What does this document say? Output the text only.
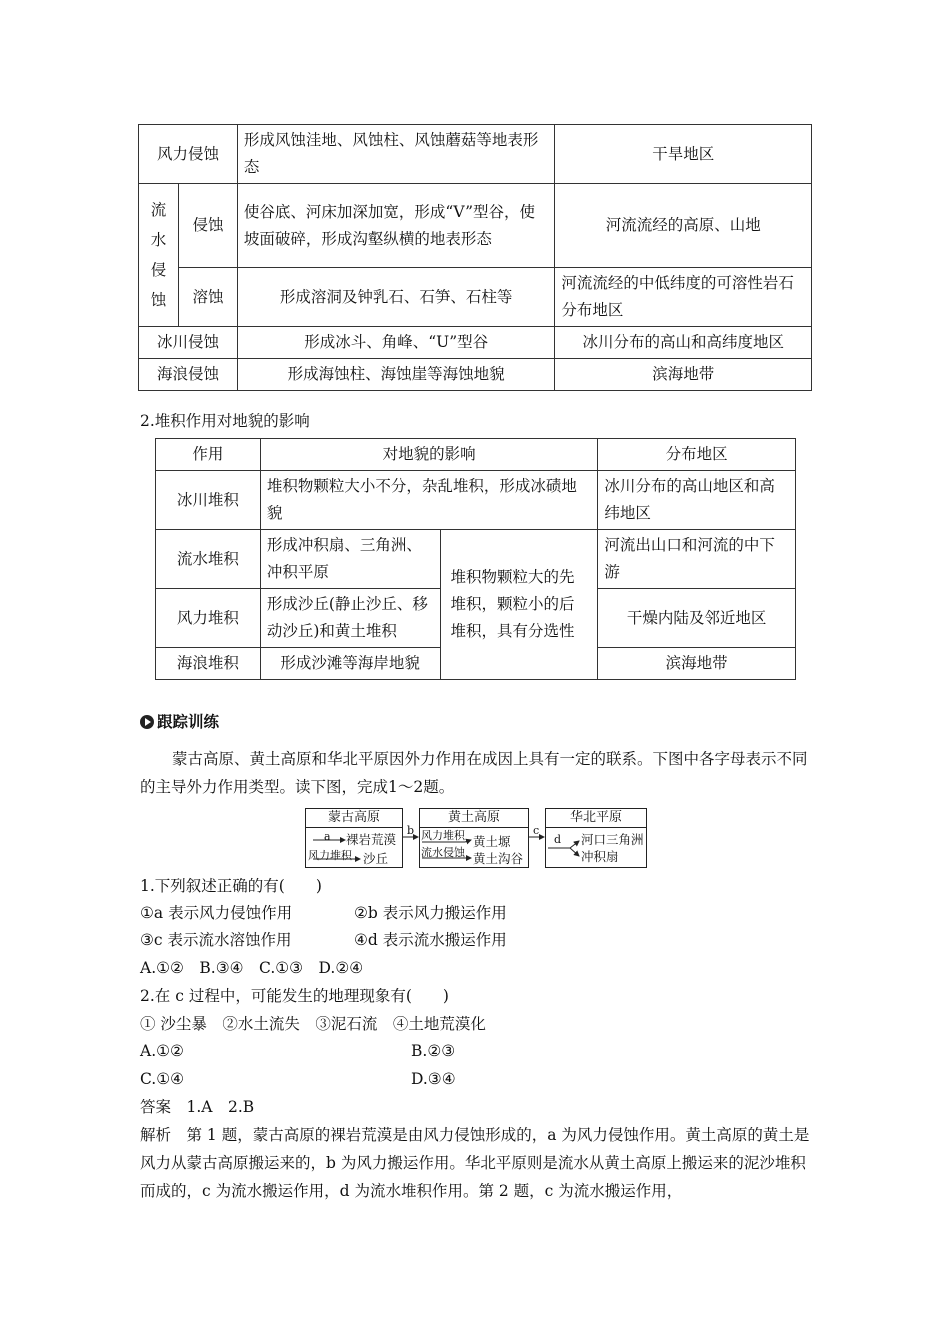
风力侵蚀		形成风蚀洼地、风蚀柱、风蚀蘑菇等地表形态	干旱地区
流水侵蚀	侵蚀	使谷底、河床加深加宽，形成“V”型谷，使坡面破碎，形成沟壑纵横的地表形态	河流流经的高原、山地
	溶蚀	形成溶洞及钟乳石、石笋、石柱等	河流流经的中低纬度的可溶性岩石分布地区
冰川侵蚀		形成冰斗、角峰、“U”型谷	冰川分布的高山和高纬度地区
海浪侵蚀		形成海蚀柱、海蚀崖等海蚀地貌	滨海地带
2.堆积作用对地貌的影响
作用	对地貌的影响		分布地区
冰川堆积	堆积物颗粒大小不分，杂乱堆积，形成冰碛地貌		冰川分布的高山地区和高纬地区
流水堆积	形成冲积扇、三角洲、冲积平原	堆积物颗粒大的先堆积，颗粒小的后堆积，具有分选性	河流出山口和河流的中下游
风力堆积	形成沙丘(静止沙丘、移动沙丘)和黄土堆积		干燥内陆及邻近地区
海浪堆积	形成沙滩等海岸地貌		滨海地带
跟踪训练
蒙古高原、黄土高原和华北平原因外力作用在成因上具有一定的联系。下图中各字母表示不同的主导外力作用类型。读下图，完成1～2题。
蒙古高原
a 裸岩荒漠
风力堆积 沙丘
b
黄土高原
风力堆积 黄土塬
流水侵蚀 黄土沟谷
c
华北平原
d 河口三角洲
冲积扇
1.下列叙述正确的有(　　)
①a 表示风力侵蚀作用	②b 表示风力搬运作用
③c 表示流水溶蚀作用	④d 表示流水搬运作用
A.①②　B.③④　C.①③　D.②④
2.在 c 过程中，可能发生的地理现象有(　　)
① 沙尘暴　②水土流失　③泥石流　④土地荒漠化
A.①②	B.②③
C.①④	D.③④
答案　1.A　2.B
解析　第 1 题，蒙古高原的裸岩荒漠是由风力侵蚀形成的，a 为风力侵蚀作用。黄土高原的黄土是风力从蒙古高原搬运来的，b 为风力搬运作用。华北平原则是流水从黄土高原上搬运来的泥沙堆积而成的，c 为流水搬运作用，d 为流水堆积作用。第 2 题，c 为流水搬运作用，
